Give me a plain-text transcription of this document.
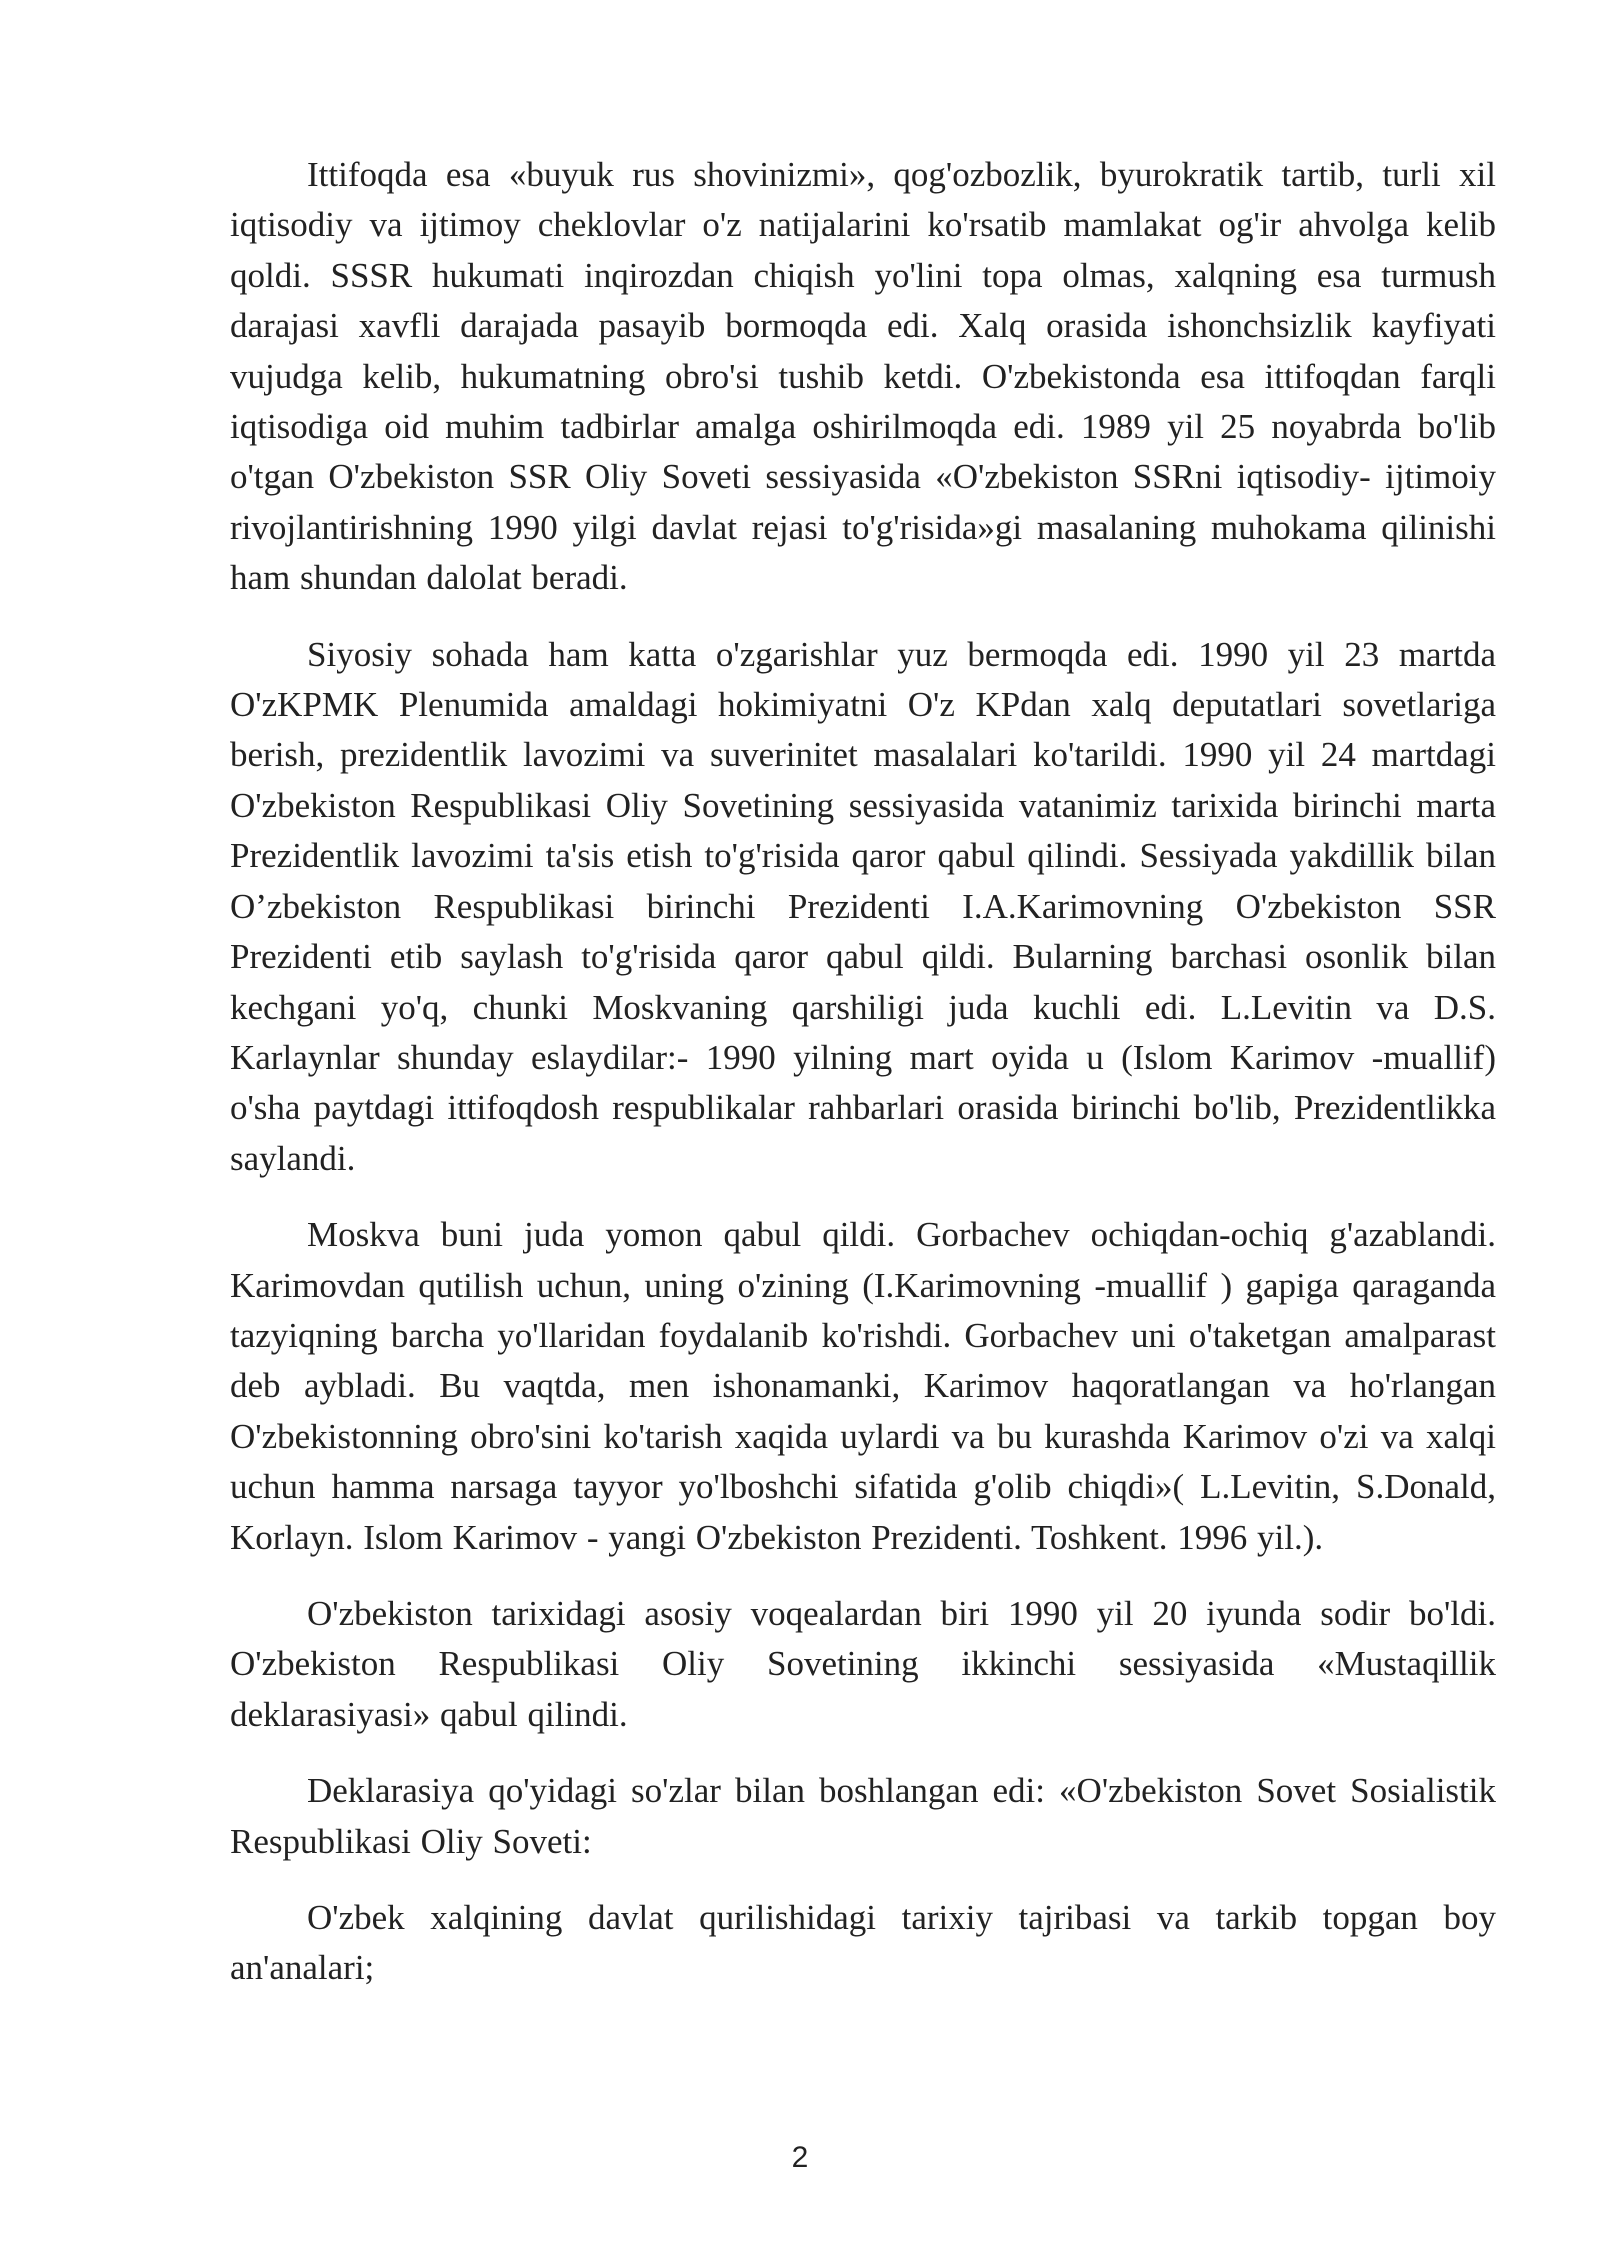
Ittifoqda esa «buyuk rus shovinizmi», qog'ozbozlik, byurokratik tartib, turli xil iqtisodiy va ijtimoy cheklovlar o'z natijalarini ko'rsatib mamlakat og'ir ahvolga kelib qoldi. SSSR hukumati inqirozdan chiqish yo'lini topa olmas, xalqning esa turmush darajasi xavfli darajada pasayib bormoqda edi. Xalq orasida ishonchsizlik kayfiyati vujudga kelib, hukumatning obro'si tushib ketdi. O'zbekistonda esa ittifoqdan farqli iqtisodiga oid muhim tadbirlar amalga oshirilmoqda edi. 1989 yil 25 noyabrda bo'lib o'tgan O'zbekiston SSR Oliy Soveti sessiyasida «O'zbekiston SSRni iqtisodiy- ijtimoiy rivojlantirishning 1990 yilgi davlat rejasi to'g'risida»gi masalaning muhokama qilinishi ham shundan dalolat beradi.

Siyosiy sohada ham katta o'zgarishlar yuz bermoqda edi. 1990 yil 23 martda O'zKPMK Plenumida amaldagi hokimiyatni O'z KPdan xalq deputatlari sovetlariga berish, prezidentlik lavozimi va suverinitet masalalari ko'tarildi. 1990 yil 24 martdagi O'zbekiston Respublikasi Oliy Sovetining sessiyasida vatanimiz tarixida birinchi marta Prezidentlik lavozimi ta'sis etish to'g'risida qaror qabul qilindi. Sessiyada yakdillik bilan O’zbekiston Respublikasi birinchi Prezidenti I.A.Karimovning O'zbekiston SSR Prezidenti etib saylash to'g'risida qaror qabul qildi. Bularning barchasi osonlik bilan kechgani yo'q, chunki Moskvaning qarshiligi juda kuchli edi. L.Levitin va D.S. Karlaynlar shunday eslaydilar:- 1990 yilning mart oyida u (Islom Karimov -muallif) o'sha paytdagi ittifoqdosh respublikalar rahbarlari orasida birinchi bo'lib, Prezidentlikka saylandi.

Moskva buni juda yomon qabul qildi. Gorbachev ochiqdan-ochiq g'azablandi. Karimovdan qutilish uchun, uning o'zining (I.Karimovning -muallif ) gapiga qaraganda tazyiqning barcha yo'llaridan foydalanib ko'rishdi. Gorbachev uni o'taketgan amalparast deb aybladi. Bu vaqtda, men ishonamanki, Karimov haqoratlangan va ho'rlangan O'zbekistonning obro'sini ko'tarish xaqida uylardi va bu kurashda Karimov o'zi va xalqi uchun hamma narsaga tayyor yo'lboshchi sifatida g'olib chiqdi»( L.Levitin, S.Donald, Korlayn. Islom Karimov - yangi O'zbekiston Prezidenti. Toshkent. 1996 yil.).

O'zbekiston tarixidagi asosiy voqealardan biri 1990 yil 20 iyunda sodir bo'ldi. O'zbekiston Respublikasi Oliy Sovetining ikkinchi sessiyasida «Mustaqillik deklarasiyasi» qabul qilindi.

Deklarasiya qo'yidagi so'zlar bilan boshlangan edi: «O'zbekiston Sovet Sosialistik Respublikasi Oliy Soveti:

O'zbek xalqining davlat qurilishidagi tarixiy tajribasi va tarkib topgan boy an'analari;

2
